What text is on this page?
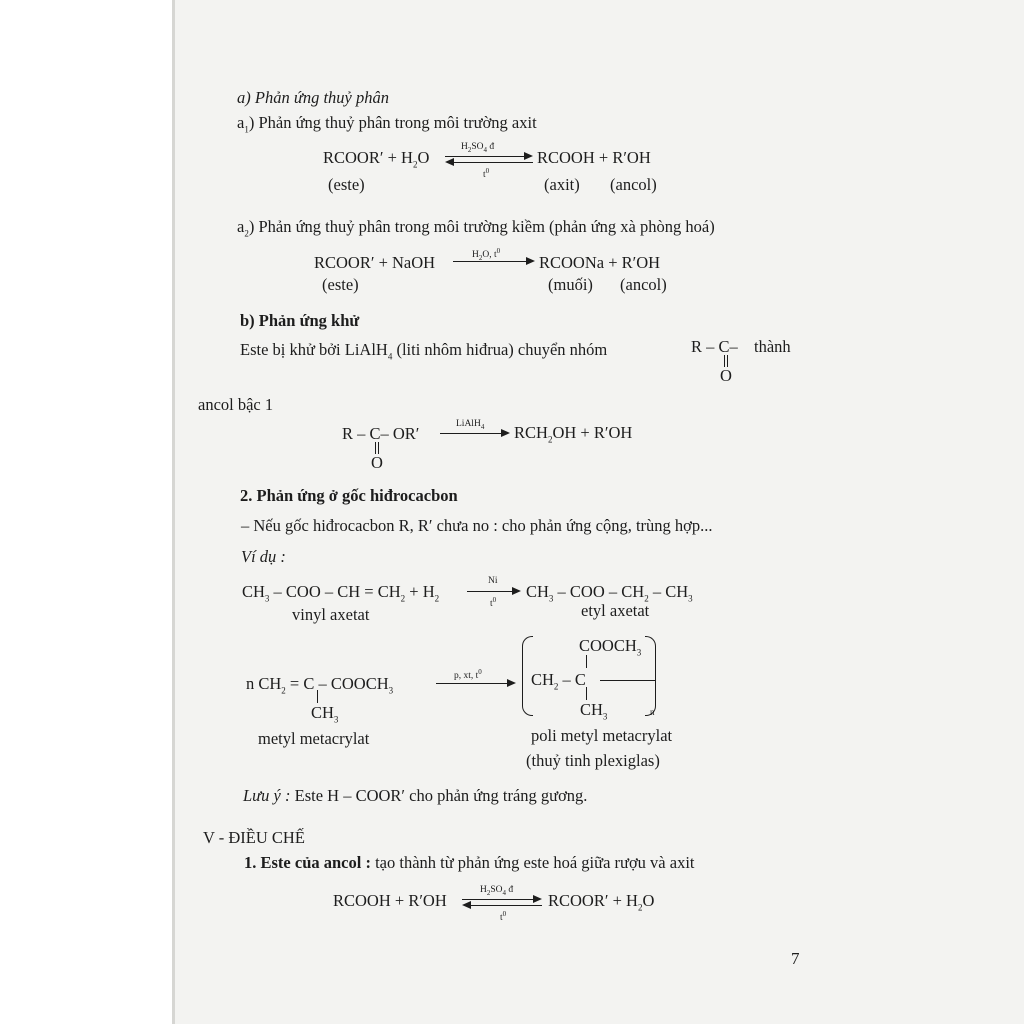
a) Phản ứng thuỷ phân
$a_1$) Phản ứng thuỷ phân trong môi trường axit
RCOOR′ + $H_2O$
$H_2SO_4$ đ
$t^0$
RCOOH + R′OH
(este)	(axit) (ancol)
$a_2$) Phản ứng thuỷ phân trong môi trường kiềm (phản ứng xà phòng hoá)
RCOOR′ + NaOH	$H_2O$, $t^0$
RCOONa + R′OH
(este)	(muối) (ancol)
b) Phản ứng khử
Este bị khử bởi LiAlH$_4$ (liti nhôm hiđrua) chuyển nhóm	R – C–
O
thành
ancol bậc 1
R – C– OR′
O
LiAlH$_4$ $RCH_2OH + R'OH$
2. Phản ứng ở gốc hiđrocacbon
– Nếu gốc hiđrocacbon R, R′ chưa no : cho phản ứng cộng, trùng hợp...
Ví dụ :
$CH_3$ – COO – CH = $CH_2 + H_2$
Ni
$t^0$ $CH_3$ – COO – $CH_2 - CH_3$
vinyl axetat	etyl axetat
n $CH_2 = C$ – $COOCH_3$
$CH_3$
p, xt, $t^0$
$COOCH_3$
$CH_2$ – C
$CH_3$	n
metyl metacrylat	poli metyl metacrylat
(thuỷ tinh plexiglas)
Lưu ý : Este H – COOR′ cho phản ứng tráng gương.
V - ĐIỀU CHẾ
1. Este của ancol : tạo thành từ phản ứng este hoá giữa rượu và axit
RCOOH + R′OH
$H_2SO_4$ đ
$t^0$
RCOOR′ + $H_2O$
7
